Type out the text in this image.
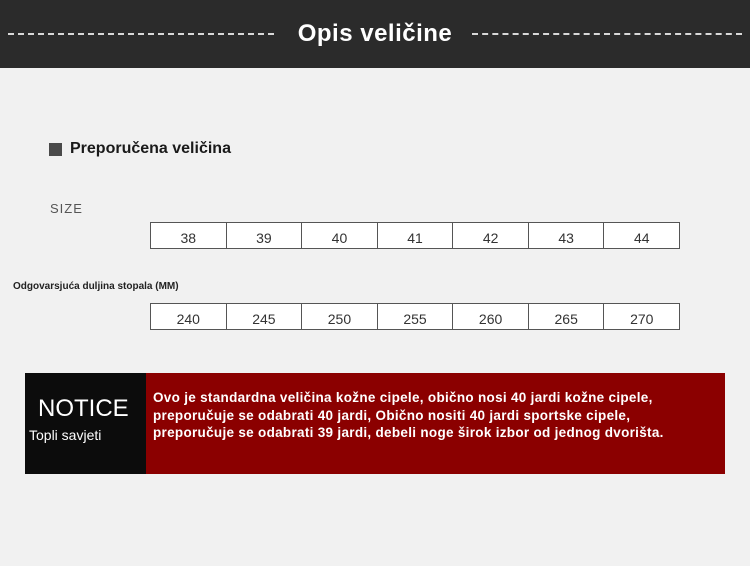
Opis veličine
Preporučena veličina
SIZE
38	39	40	41	42	43	44
Odgovarsjuća duljina stopala (MM)
240	245	250	255	260	265	270
NOTICE
Topli savjeti
Ovo je standardna veličina kožne cipele, obično nosi 40 jardi kožne cipele, preporučuje se odabrati 40 jardi, Obično nositi 40 jardi sportske cipele, preporučuje se odabrati 39 jardi, debeli noge širok izbor od jednog dvorišta.
